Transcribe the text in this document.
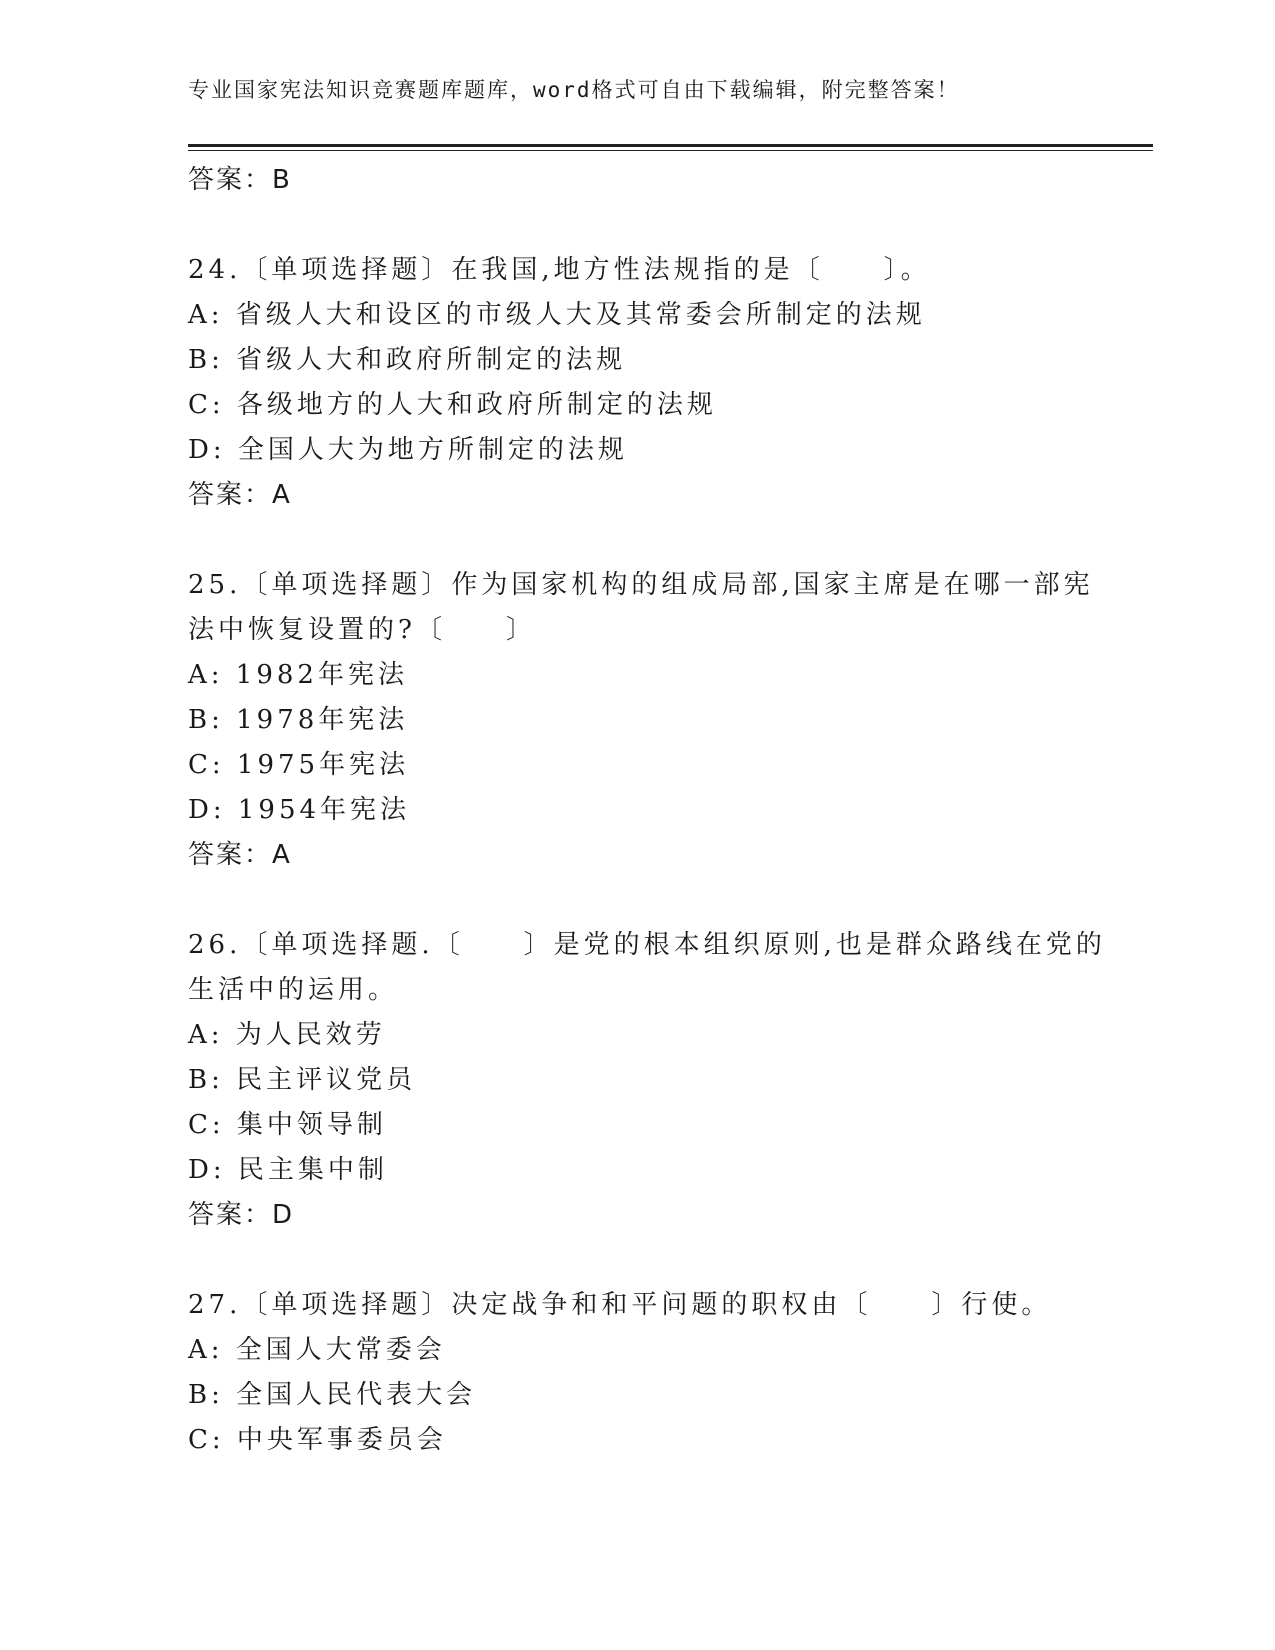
专业国家宪法知识竞赛题库题库，word格式可自由下载编辑，附完整答案！
答案：B
24.〔单项选择题〕在我国,地方性法规指的是〔　　〕。
A: 省级人大和设区的市级人大及其常委会所制定的法规
B: 省级人大和政府所制定的法规
C: 各级地方的人大和政府所制定的法规
D: 全国人大为地方所制定的法规
答案：A
25.〔单项选择题〕作为国家机构的组成局部,国家主席是在哪一部宪
法中恢复设置的?〔　　〕
A: 1982年宪法
B: 1978年宪法
C: 1975年宪法
D: 1954年宪法
答案：A
26.〔单项选择题.〔　　〕是党的根本组织原则,也是群众路线在党的
生活中的运用。
A: 为人民效劳
B: 民主评议党员
C: 集中领导制
D: 民主集中制
答案：D
27.〔单项选择题〕决定战争和和平问题的职权由〔　　〕行使。
A: 全国人大常委会
B: 全国人民代表大会
C: 中央军事委员会
